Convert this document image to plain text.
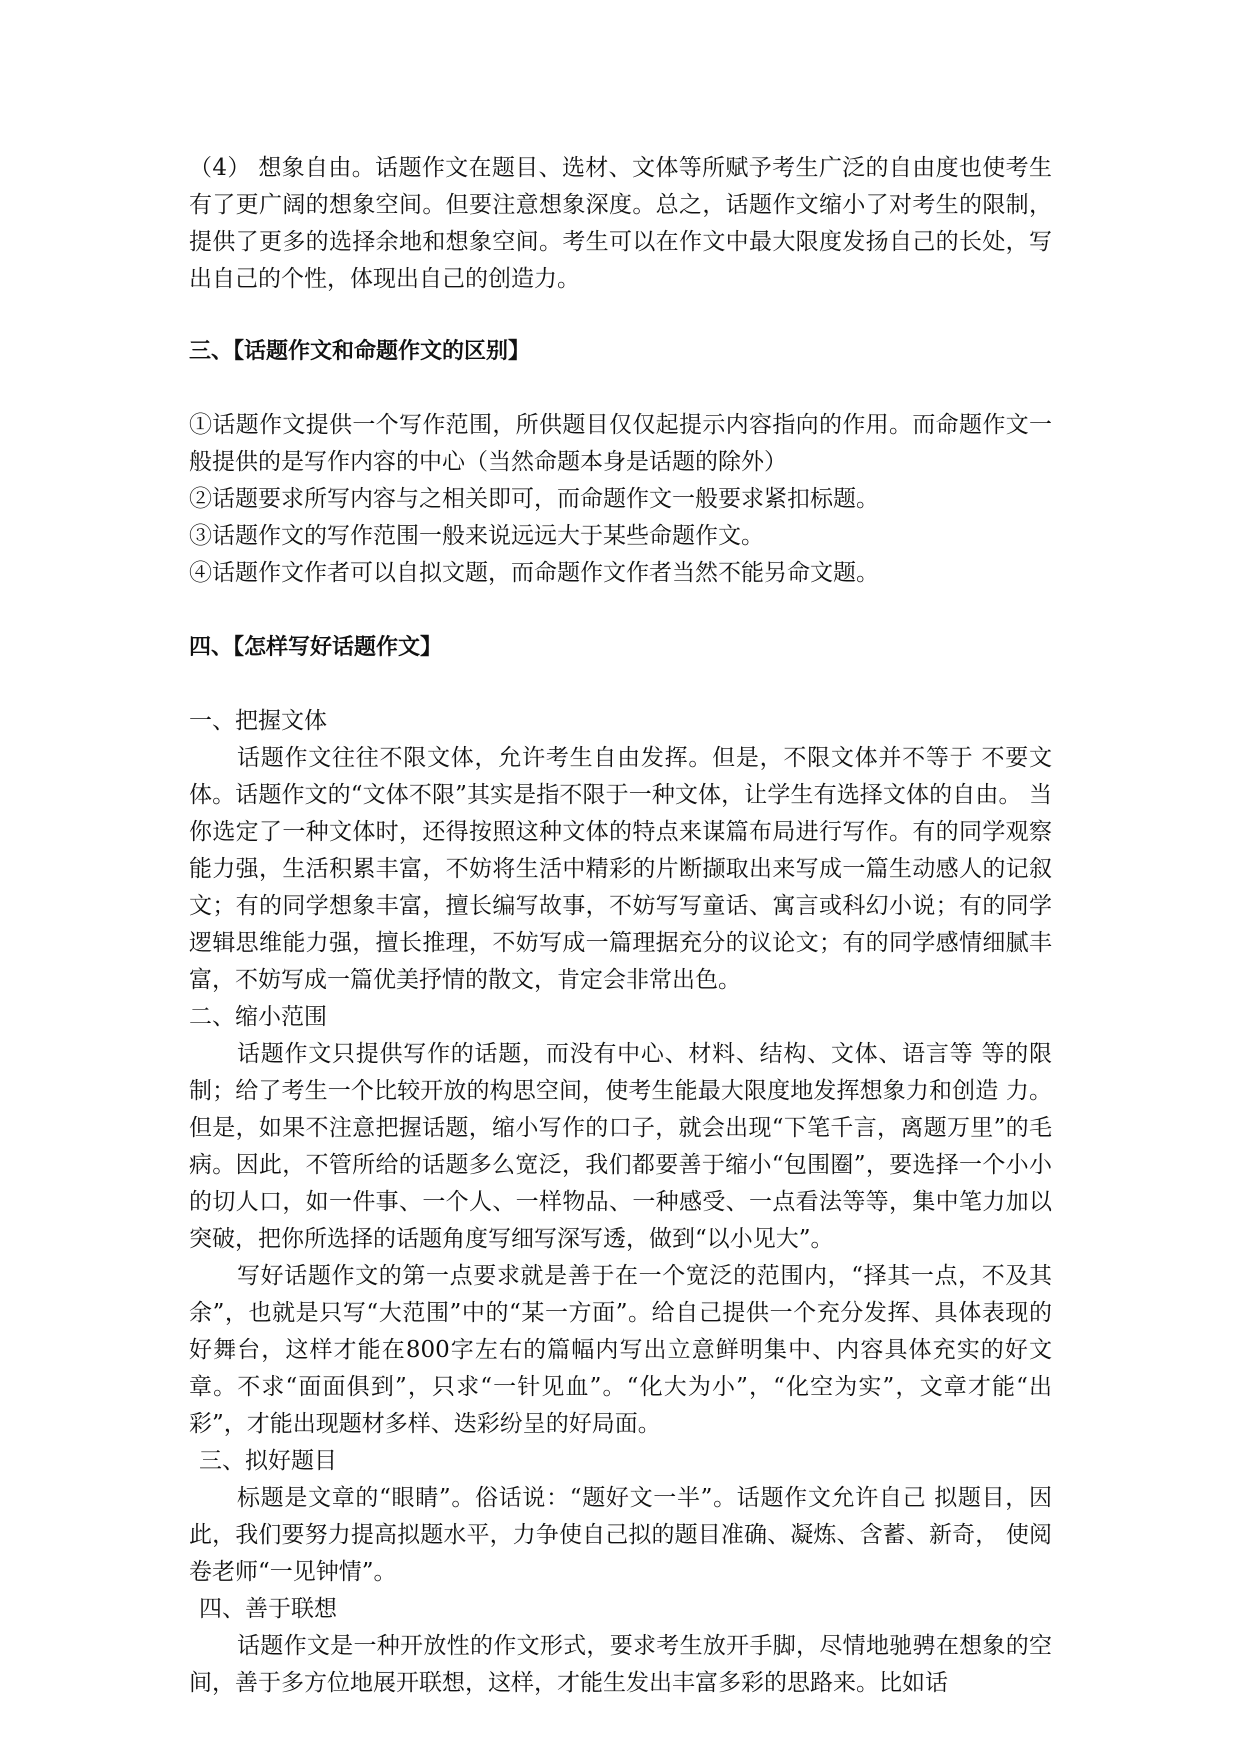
（4） 想象自由。话题作文在题目、选材、文体等所赋予考生广泛的自由度也使考生有了更广阔的想象空间。但要注意想象深度。总之，话题作文缩小了对考生的限制，提供了更多的选择余地和想象空间。考生可以在作文中最大限度发扬自己的长处，写出自己的个性，体现出自己的创造力。

三、【话题作文和命题作文的区别】

①话题作文提供一个写作范围，所供题目仅仅起提示内容指向的作用。而命题作文一般提供的是写作内容的中心（当然命题本身是话题的除外）

②话题要求所写内容与之相关即可，而命题作文一般要求紧扣标题。

③话题作文的写作范围一般来说远远大于某些命题作文。

④话题作文作者可以自拟文题，而命题作文作者当然不能另命文题。

四、【怎样写好话题作文】

一、把握文体

话题作文往往不限文体，允许考生自由发挥。但是，不限文体并不等于 不要文体。话题作文的“文体不限”其实是指不限于一种文体，让学生有选择文体的自由。 当你选定了一种文体时，还得按照这种文体的特点来谋篇布局进行写作。有的同学观察能力强，生活积累丰富，不妨将生活中精彩的片断撷取出来写成一篇生动感人的记叙文；有的同学想象丰富，擅长编写故事，不妨写写童话、寓言或科幻小说；有的同学逻辑思维能力强，擅长推理，不妨写成一篇理据充分的议论文；有的同学感情细腻丰富，不妨写成一篇优美抒情的散文，肯定会非常出色。

二、缩小范围

话题作文只提供写作的话题，而没有中心、材料、结构、文体、语言等 等的限制；给了考生一个比较开放的构思空间，使考生能最大限度地发挥想象力和创造 力。但是，如果不注意把握话题，缩小写作的口子，就会出现“下笔千言，离题万里”的毛 病。因此，不管所给的话题多么宽泛，我们都要善于缩小“包围圈”，要选择一个小小的切人口，如一件事、一个人、一样物品、一种感受、一点看法等等，集中笔力加以突破，把你所选择的话题角度写细写深写透，做到“以小见大”。

写好话题作文的第一点要求就是善于在一个宽泛的范围内，“择其一点，不及其余”，也就是只写“大范围”中的“某一方面”。给自己提供一个充分发挥、具体表现的好舞台，这样才能在800字左右的篇幅内写出立意鲜明集中、内容具体充实的好文章。不求“面面俱到”，只求“一针见血”。“化大为小”，“化空为实”，文章才能“出彩”，才能出现题材多样、迭彩纷呈的好局面。

三、拟好题目

标题是文章的“眼睛”。俗话说：“题好文一半”。话题作文允许自己 拟题目，因此，我们要努力提高拟题水平，力争使自己拟的题目准确、凝炼、含蓄、新奇， 使阅卷老师“一见钟情”。

四、善于联想

话题作文是一种开放性的作文形式，要求考生放开手脚，尽情地驰骋在想象的空间，善于多方位地展开联想，这样，才能生发出丰富多彩的思路来。比如话
